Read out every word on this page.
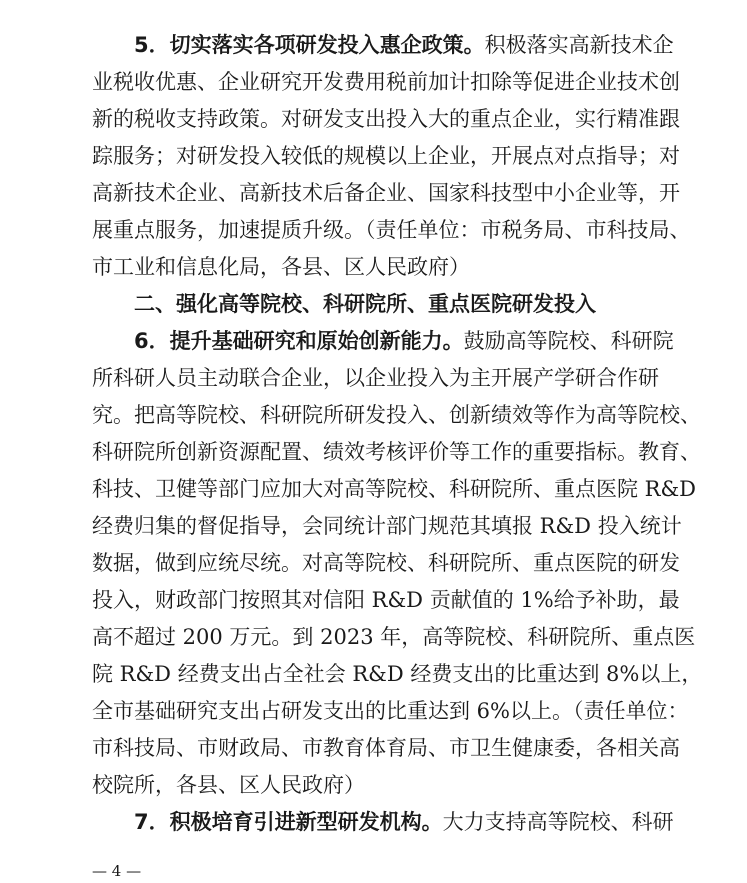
5．切实落实各项研发投入惠企政策。积极落实高新技术企
业税收优惠、企业研究开发费用税前加计扣除等促进企业技术创
新的税收支持政策。对研发支出投入大的重点企业，实行精准跟
踪服务；对研发投入较低的规模以上企业，开展点对点指导；对
高新技术企业、高新技术后备企业、国家科技型中小企业等，开
展重点服务，加速提质升级。（责任单位：市税务局、市科技局、
市工业和信息化局，各县、区人民政府）
二、强化高等院校、科研院所、重点医院研发投入
6．提升基础研究和原始创新能力。鼓励高等院校、科研院
所科研人员主动联合企业，以企业投入为主开展产学研合作研
究。把高等院校、科研院所研发投入、创新绩效等作为高等院校、
科研院所创新资源配置、绩效考核评价等工作的重要指标。教育、
科技、卫健等部门应加大对高等院校、科研院所、重点医院 R&D
经费归集的督促指导，会同统计部门规范其填报 R&D 投入统计
数据，做到应统尽统。对高等院校、科研院所、重点医院的研发
投入，财政部门按照其对信阳 R&D 贡献值的 1%给予补助，最
高不超过 200 万元。到 2023 年，高等院校、科研院所、重点医
院 R&D 经费支出占全社会 R&D 经费支出的比重达到 8%以上，
全市基础研究支出占研发支出的比重达到 6%以上。（责任单位：
市科技局、市财政局、市教育体育局、市卫生健康委，各相关高
校院所，各县、区人民政府）
7．积极培育引进新型研发机构。大力支持高等院校、科研
— 4 —
